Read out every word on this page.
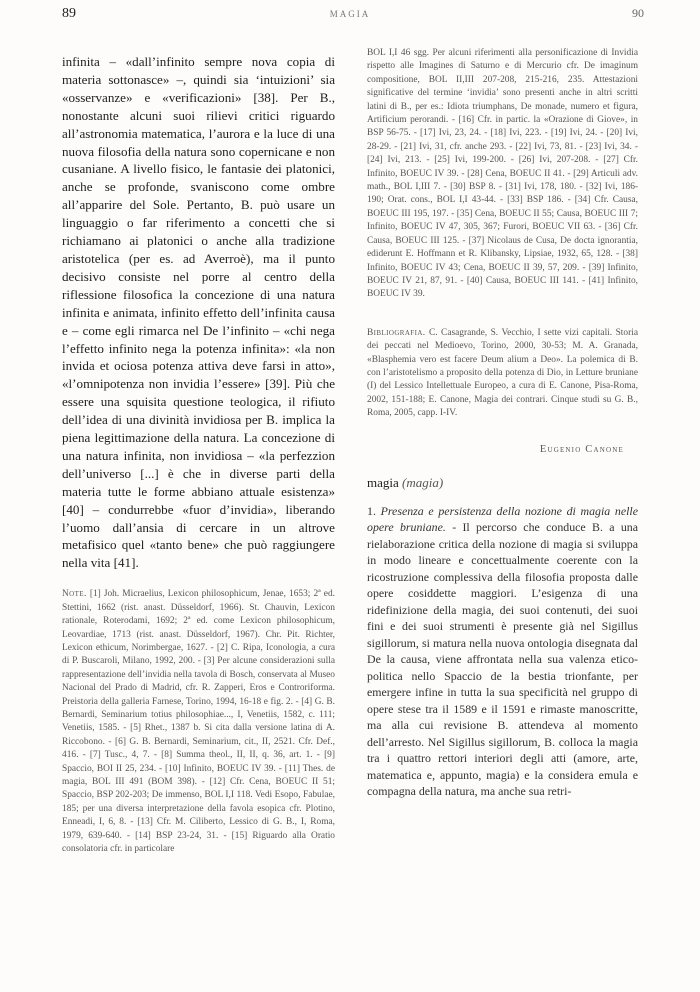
89	MAGIA	90

infinita – «dall’infinito sempre nova copia di materia sottonasce» –, quindi sia ‘intuizioni’ sia «osservanze» e «verificazioni» [38]. Per B., nonostante alcuni suoi rilievi critici riguardo all’astronomia matematica, l’aurora e la luce di una nuova filosofia della natura sono copernicane e non cusaniane. A livello fisico, le fantasie dei platonici, anche se profonde, svaniscono come ombre all’apparire del Sole. Pertanto, B. può usare un linguaggio o far riferimento a concetti che si richiamano ai platonici o anche alla tradizione aristotelica (per es. ad Averroè), ma il punto decisivo consiste nel porre al centro della riflessione filosofica la concezione di una natura infinita e animata, infinito effetto dell’infinita causa e – come egli rimarca nel De l’infinito – «chi nega l’effetto infinito nega la potenza infinita»: «la non invida et ociosa potenza attiva deve farsi in atto», «l’omnipotenza non invidia l’essere» [39]. Più che essere una squisita questione teologica, il rifiuto dell’idea di una divinità invidiosa per B. implica la piena legittimazione della natura. La concezione di una natura infinita, non invidiosa – «la perfezzion dell’universo [...] è che in diverse parti della materia tutte le forme abbiano attuale esistenza» [40] – condurrebbe «fuor d’invidia», liberando l’uomo dall’ansia di cercare in un altrove metafisico quel «tanto bene» che può raggiungere nella vita [41].

Note. [1] Joh. Micraelius, Lexicon philosophicum, Jenae, 1653; 2ª ed. Stettini, 1662 (rist. anast. Düsseldorf, 1966). St. Chauvin, Lexicon rationale, Roterodami, 1692; 2ª ed. come Lexicon philosophicum, Leovardiae, 1713 (rist. anast. Düsseldorf, 1967). Chr. Pit. Richter, Lexicon ethicum, Norimbergae, 1627. - [2] C. Ripa, Iconologia, a cura di P. Buscaroli, Milano, 1992, 200. - [3] Per alcune considerazioni sulla rappresentazione dell’invidia nella tavola di Bosch, conservata al Museo Nacional del Prado di Madrid, cfr. R. Zapperi, Eros e Controriforma. Preistoria della galleria Farnese, Torino, 1994, 16-18 e fig. 2. - [4] G. B. Bernardi, Seminarium totius philosophiae..., I, Venetiis, 1582, c. 111; Venetiis, 1585. - [5] Rhet., 1387 b. Si cita dalla versione latina di A. Riccobono. - [6] G. B. Bernardi, Seminarium, cit., II, 2521. Cfr. Def., 416. - [7] Tusc., 4, 7. - [8] Summa theol., II, II, q. 36, art. 1. - [9] Spaccio, BOI II 25, 234. - [10] Infinito, BOEUC IV 39. - [11] Thes. de magia, BOL III 491 (BOM 398). - [12] Cfr. Cena, BOEUC II 51; Spaccio, BSP 202-203; De immenso, BOL I,I 118. Vedi Esopo, Fabulae, 185; per una diversa interpretazione della favola esopica cfr. Plotino, Enneadi, I, 6, 8. - [13] Cfr. M. Ciliberto, Lessico di G. B., I, Roma, 1979, 639-640. - [14] BSP 23-24, 31. - [15] Riguardo alla Oratio consolatoria cfr. in particolare

BOL I,I 46 sgg. Per alcuni riferimenti alla personificazione di Invidia rispetto alle Imagines di Saturno e di Mercurio cfr. De imaginum compositione, BOL II,III 207-208, 215-216, 235. Attestazioni significative del termine ‘invidia’ sono presenti anche in altri scritti latini di B., per es.: Idiota triumphans, De monade, numero et figura, Artificium perorandi. - [16] Cfr. in partic. la «Orazione di Giove», in BSP 56-75. - [17] Ivi, 23, 24. - [18] Ivi, 223. - [19] Ivi, 24. - [20] Ivi, 28-29. - [21] Ivi, 31, cfr. anche 293. - [22] Ivi, 73, 81. - [23] Ivi, 34. - [24] Ivi, 213. - [25] Ivi, 199-200. - [26] Ivi, 207-208. - [27] Cfr. Infinito, BOEUC IV 39. - [28] Cena, BOEUC II 41. - [29] Articuli adv. math., BOL I,III 7. - [30] BSP 8. - [31] Ivi, 178, 180. - [32] Ivi, 186-190; Orat. cons., BOL I,I 43-44. - [33] BSP 186. - [34] Cfr. Causa, BOEUC III 195, 197. - [35] Cena, BOEUC II 55; Causa, BOEUC III 7; Infinito, BOEUC IV 47, 305, 367; Furori, BOEUC VII 63. - [36] Cfr. Causa, BOEUC III 125. - [37] Nicolaus de Cusa, De docta ignorantia, ediderunt E. Hoffmann et R. Klibansky, Lipsiae, 1932, 65, 128. - [38] Infinito, BOEUC IV 43; Cena, BOEUC II 39, 57, 209. - [39] Infinito, BOEUC IV 21, 87, 91. - [40] Causa, BOEUC III 141. - [41] Infinito, BOEUC IV 39.

Bibliografia. C. Casagrande, S. Vecchio, I sette vizi capitali. Storia dei peccati nel Medioevo, Torino, 2000, 30-53; M. A. Granada, «Blasphemia vero est facere Deum alium a Deo». La polemica di B. con l’aristotelismo a proposito della potenza di Dio, in Letture bruniane (I) del Lessico Intellettuale Europeo, a cura di E. Canone, Pisa-Roma, 2002, 151-188; E. Canone, Magia dei contrari. Cinque studi su G. B., Roma, 2005, capp. I-IV.

Eugenio Canone
magia (magia)

1. Presenza e persistenza della nozione di magia nelle opere bruniane. - Il percorso che conduce B. a una rielaborazione critica della nozione di magia si sviluppa in modo lineare e concettualmente coerente con la ricostruzione complessiva della filosofia proposta dalle opere cosiddette maggiori. L’esigenza di una ridefinizione della magia, dei suoi contenuti, dei suoi fini e dei suoi strumenti è presente già nel Sigillus sigillorum, si matura nella nuova ontologia disegnata dal De la causa, viene affrontata nella sua valenza etico-politica nello Spaccio de la bestia trionfante, per emergere infine in tutta la sua specificità nel gruppo di opere stese tra il 1589 e il 1591 e rimaste manoscritte, ma alla cui revisione B. attendeva al momento dell’arresto. Nel Sigillus sigillorum, B. colloca la magia tra i quattro rettori interiori degli atti (amore, arte, matematica e, appunto, magia) e la considera emula e compagna della natura, ma anche sua retri-
